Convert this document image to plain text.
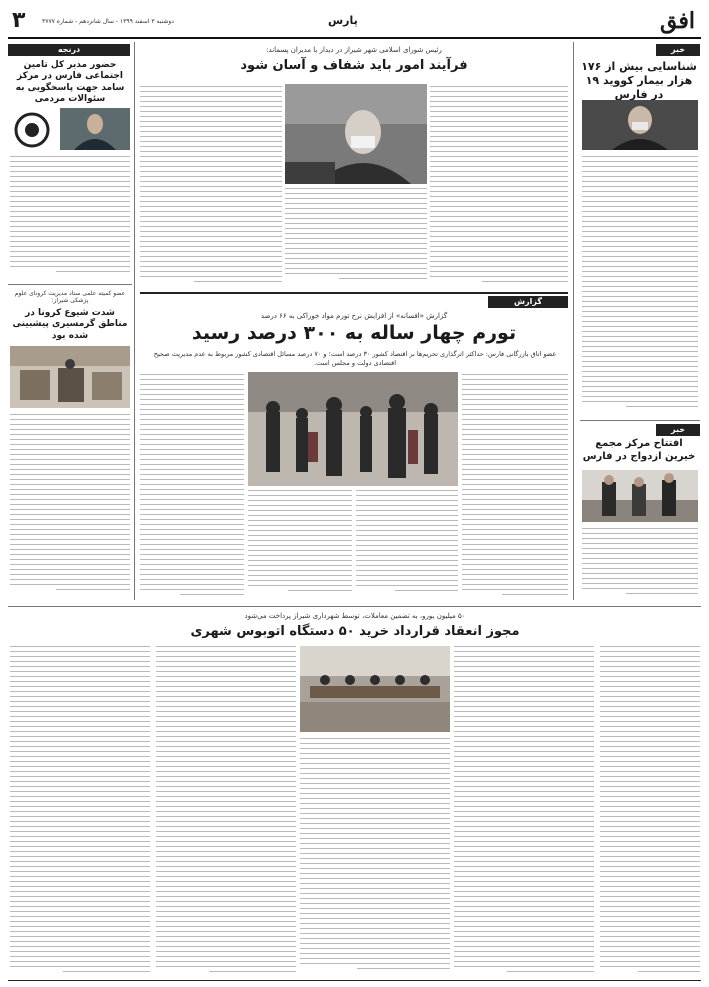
۳	دوشنبه ۳ اسفند ۱۳۹۹ - سال شانزدهم - شماره ۳۷۷۷	پارس	افق
خبر
شناسایی بیش از ۱۷۶ هزار بیمار کووید ۱۹ در فارس
خبر
افتتاح مرکز مجمع خیرین ازدواج در فارس
رئیس شورای اسلامی شهر شیراز در دیدار با مدیران پسماند:
فرآیند امور باید شفاف و آسان شود
گزارش
گزارش «افسانه» از افزایش نرخ تورم مواد خوراکی به ۶۶ درصد
تورم چهار ساله به ۳۰۰ درصد رسید
عضو اتاق بازرگانی فارس: حداکثر اثرگذاری تحریم‌ها بر اقتصاد کشور ۳۰ درصد است؛ و ۷۰ درصد مسائل اقتصادی کشور مربوط به عدم مدیریت صحیح اقتصادی دولت و مجلس است.
درنجه
حضور مدیر کل تامین اجتماعی فارس در مرکز سامد جهت پاسخگویی به سئوالات مردمی
عضو کمیته علمی ستاد مدیریت کرونای علوم پزشکی شیراز:
شدت شیوع کرونا در مناطق گرمسیری پیشبینی شده بود
۵۰ میلیون یورو، به تضمین معاملات، توسط شهرداری شیراز پرداخت می‌شود
مجوز انعقاد قرارداد خرید ۵۰ دستگاه اتوبوس شهری
